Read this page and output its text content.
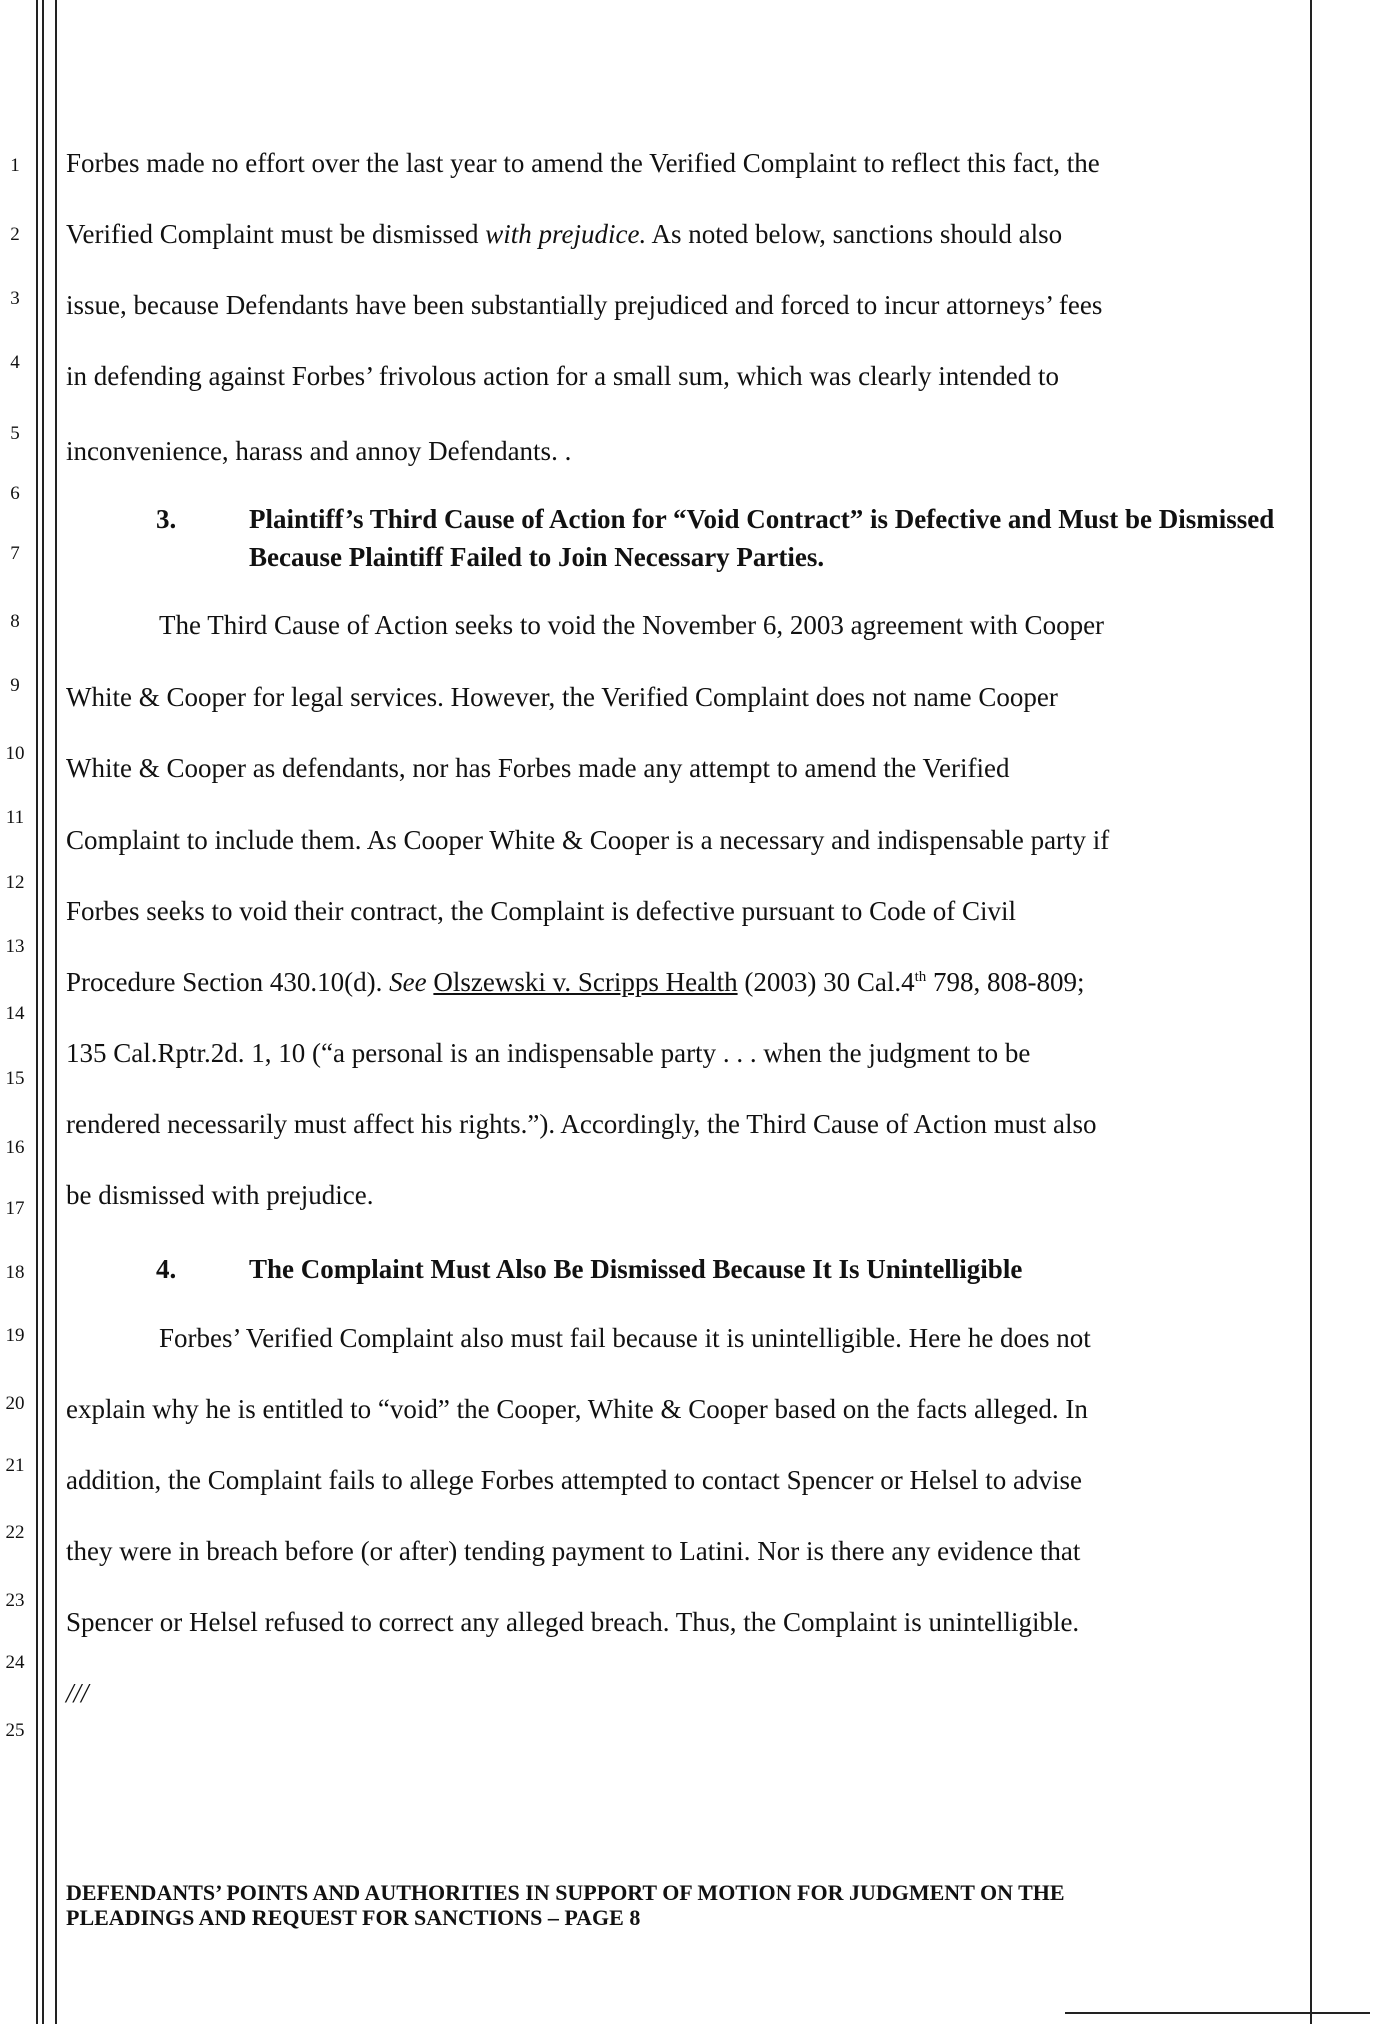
1
2
3
4
5
6
7
8
9
10
11
12
13
14
15
16
17
18
19
20
21
22
23
24
25
Forbes made no effort over the last year to amend the Verified Complaint to reflect this fact, the
Verified Complaint must be dismissed with prejudice. As noted below, sanctions should also
issue, because Defendants have been substantially prejudiced and forced to incur attorneys’ fees
in defending against Forbes’ frivolous action for a small sum, which was clearly intended to
inconvenience, harass and annoy Defendants. .
3.	Plaintiff’s Third Cause of Action for “Void Contract” is Defective and Must be Dismissed Because Plaintiff Failed to Join Necessary Parties.
The Third Cause of Action seeks to void the November 6, 2003 agreement with Cooper
White & Cooper for legal services. However, the Verified Complaint does not name Cooper
White & Cooper as defendants, nor has Forbes made any attempt to amend the Verified
Complaint to include them. As Cooper White & Cooper is a necessary and indispensable party if
Forbes seeks to void their contract, the Complaint is defective pursuant to Code of Civil
Procedure Section 430.10(d). See Olszewski v. Scripps Health (2003) 30 Cal.4th 798, 808-809;
135 Cal.Rptr.2d. 1, 10 (“a personal is an indispensable party . . . when the judgment to be
rendered necessarily must affect his rights.”). Accordingly, the Third Cause of Action must also
be dismissed with prejudice.
4.	The Complaint Must Also Be Dismissed Because It Is Unintelligible
Forbes’ Verified Complaint also must fail because it is unintelligible. Here he does not
explain why he is entitled to “void” the Cooper, White & Cooper based on the facts alleged. In
addition, the Complaint fails to allege Forbes attempted to contact Spencer or Helsel to advise
they were in breach before (or after) tending payment to Latini. Nor is there any evidence that
Spencer or Helsel refused to correct any alleged breach. Thus, the Complaint is unintelligible.
///
DEFENDANTS’ POINTS AND AUTHORITIES IN SUPPORT OF MOTION FOR JUDGMENT ON THE
PLEADINGS AND REQUEST FOR SANCTIONS – PAGE 8
